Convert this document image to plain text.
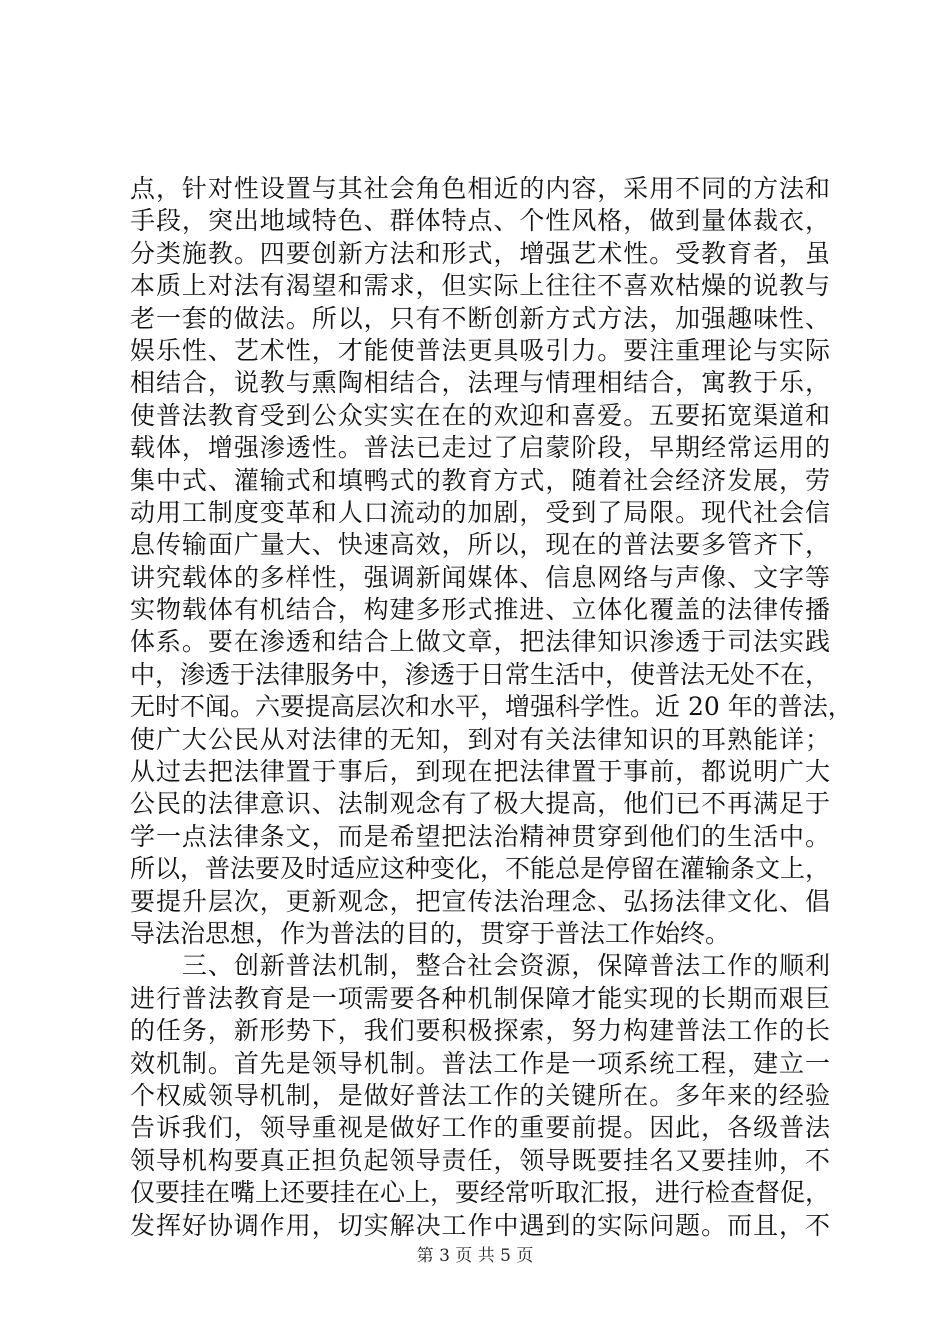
点，针对性设置与其社会角色相近的内容，采用不同的方法和
手段，突出地域特色、群体特点、个性风格，做到量体裁衣，
分类施教。四要创新方法和形式，增强艺术性。受教育者，虽
本质上对法有渴望和需求，但实际上往往不喜欢枯燥的说教与
老一套的做法。所以，只有不断创新方式方法，加强趣味性、
娱乐性、艺术性，才能使普法更具吸引力。要注重理论与实际
相结合，说教与熏陶相结合，法理与情理相结合，寓教于乐，
使普法教育受到公众实实在在的欢迎和喜爱。五要拓宽渠道和
载体，增强渗透性。普法已走过了启蒙阶段，早期经常运用的
集中式、灌输式和填鸭式的教育方式，随着社会经济发展，劳
动用工制度变革和人口流动的加剧，受到了局限。现代社会信
息传输面广量大、快速高效，所以，现在的普法要多管齐下，
讲究载体的多样性，强调新闻媒体、信息网络与声像、文字等
实物载体有机结合，构建多形式推进、立体化覆盖的法律传播
体系。要在渗透和结合上做文章，把法律知识渗透于司法实践
中，渗透于法律服务中，渗透于日常生活中，使普法无处不在，
无时不闻。六要提高层次和水平，增强科学性。近 20 年的普法，
使广大公民从对法律的无知，到对有关法律知识的耳熟能详；
从过去把法律置于事后，到现在把法律置于事前，都说明广大
公民的法律意识、法制观念有了极大提高，他们已不再满足于
学一点法律条文，而是希望把法治精神贯穿到他们的生活中。
所以，普法要及时适应这种变化，不能总是停留在灌输条文上，
要提升层次，更新观念，把宣传法治理念、弘扬法律文化、倡
导法治思想，作为普法的目的，贯穿于普法工作始终。
　　三、创新普法机制，整合社会资源，保障普法工作的顺利
进行普法教育是一项需要各种机制保障才能实现的长期而艰巨
的任务，新形势下，我们要积极探索，努力构建普法工作的长
效机制。首先是领导机制。普法工作是一项系统工程，建立一
个权威领导机制，是做好普法工作的关键所在。多年来的经验
告诉我们，领导重视是做好工作的重要前提。因此，各级普法
领导机构要真正担负起领导责任，领导既要挂名又要挂帅，不
仅要挂在嘴上还要挂在心上，要经常听取汇报，进行检查督促，
发挥好协调作用，切实解决工作中遇到的实际问题。而且，不
第 3 页 共 5 页
